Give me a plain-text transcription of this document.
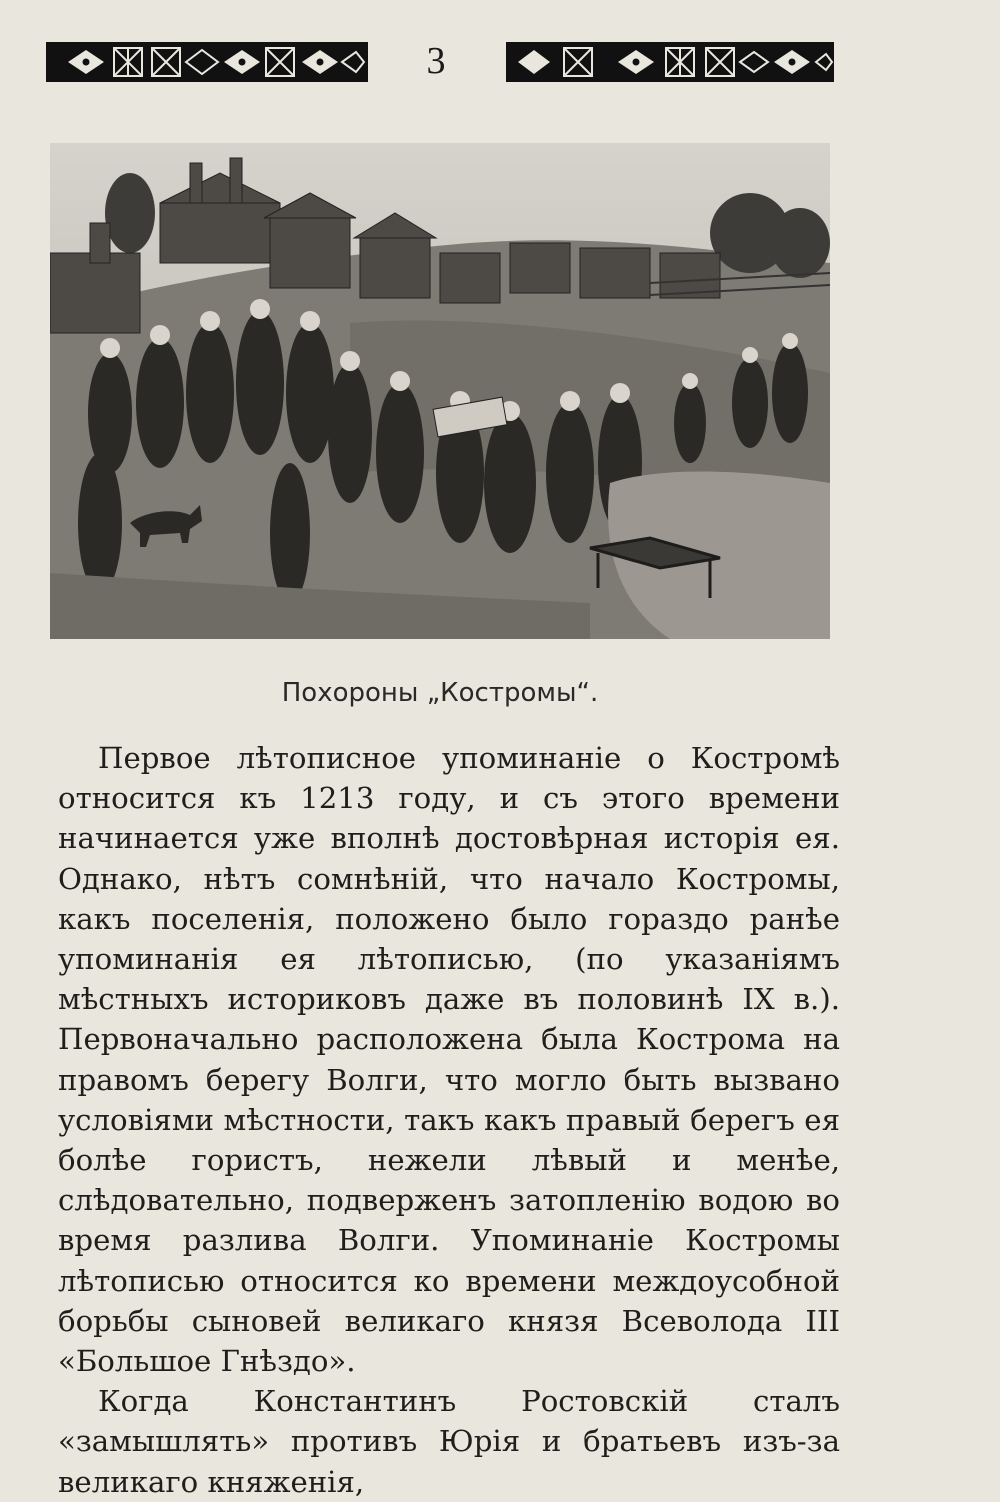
3
Похороны „Костромы“.

Первое лѣтописное упоминаніе о Костромѣ относится къ 1213 году, и съ этого времени начинается уже вполнѣ достовѣрная исторія ея. Однако, нѣтъ сомнѣній, что начало Костромы, какъ поселенія, положено было гораздо ранѣе упоминанія ея лѣтописью, (по указаніямъ мѣстныхъ историковъ даже въ половинѣ IX в.). Первоначально расположена была Кострома на правомъ берегу Волги, что могло быть вызвано условіями мѣстности, такъ какъ правый берегъ ея болѣе гористъ, нежели лѣвый и менѣе, слѣдовательно, подверженъ затопленію водою во время разлива Волги. Упоминаніе Костромы лѣтописью относится ко времени междоусобной борьбы сыновей великаго князя Всеволода III «Большое Гнѣздо».

Когда Константинъ Ростовскій сталъ «замышлять» противъ Юрія и братьевъ изъ-за великаго княженія,
